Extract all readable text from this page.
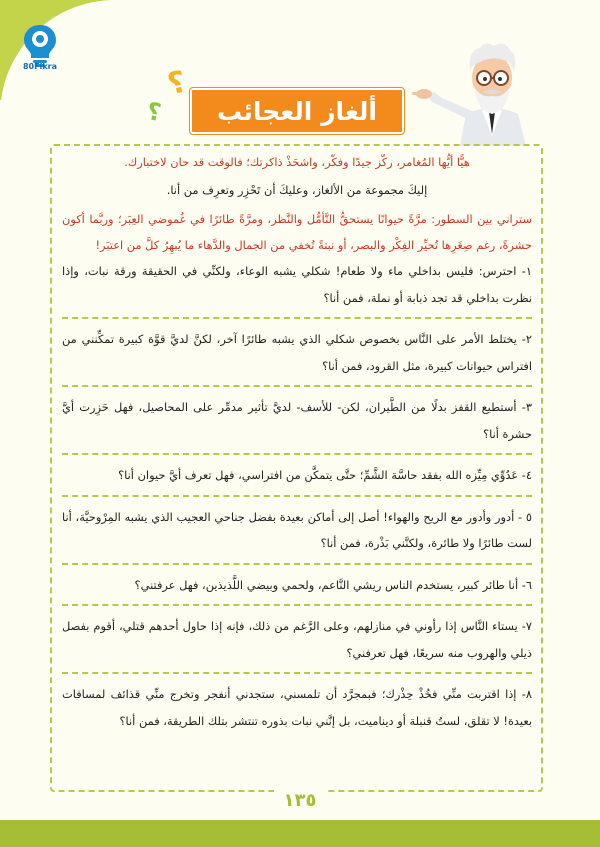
80Fikra	؟
؟	ألغاز العجائب

هيًّا أيُّها المُغامر، ركّز جيدًا وفكّر، واشحَذْ ذاكرتك؛ فالوقت قد حان لاختبارك.

إليكَ مجموعة من الألغاز، وعليكَ أن تَحْزِر وتعرِف من أنا.

ستراني بين السطور: مرَّةً حيوانًا يستحقُّ التَّأمُّل والنَّظر، ومرَّةً طائرًا في غُموضي العِبَر؛ وربَّما أكون حشرةً، رغم صِغَرِها تُحيِّر الفِكْر والبصر، أو نبتةً تُخفي من الجمال والدَّهاء ما يُبهِرُ كلَّ من اعتبَر!

١- احترس: فليس بداخلي ماء ولا طعام! شكلي يشبه الوعاء، ولكنِّي في الحقيقة ورقة نبات، وإذا نظرت بداخلي قد تجد ذبابة أو نملة، فمن أنا؟

٢- يختلط الأمر على النَّاس بخصوص شكلي الذي يشبه طائرًا آخر، لكنَّ لديَّ قوَّة كبيرة تمكِّنني من افتراس حيوانات كبيرة، مثل القرود، فمن أنا؟

٣- أستطيع القفز بدلًا من الطَّيران، لكن- للأسف- لديَّ تأثير مدمِّر على المحاصيل، فهل حَزِرت أيَّ حشرة أنا؟

٤- عَدُوِّي مِيِّزه الله بفقد حاسَّة الشَّمِّ؛ حتَّى يتمكَّن من افتراسي، فهل تعرف أيَّ حيوان أنا؟

٥ - أدور وأدور مع الريح والهواء! أصل إلى أماكن بعيدة بفضل جناحي العجيب الذي يشبه المِرْوحيَّة، أنا لست طائرًا ولا طائرة، ولكنَّني بَذْرة، فمن أنا؟

٦- أنا طائر كبير، يستخدم الناس ريشي النَّاعم، ولحمي وبيضي اللَّذيذين، فهل عرفتني؟

٧- يستاء النَّاس إذا رأوني في منازلهم، وعلى الرَّغم من ذلك، فإنه إذا حاول أحدهم قتلي، أقوم بفصل ذيلي والهروب منه سريعًا، فهل تعرفني؟

٨- إذا اقتربت منِّي فخُذْ حِذْرك؛ فبمجرَّد أن تلمسني، ستجدني أنفجر وتخرج منِّي قذائف لمسافات بعيدة! لا تقلق، لستُ قنبلة أو ديناميت، بل إنَّني نبات بذوره تنتشر بتلك الطريقة، فمن أنا؟

١٣٥
